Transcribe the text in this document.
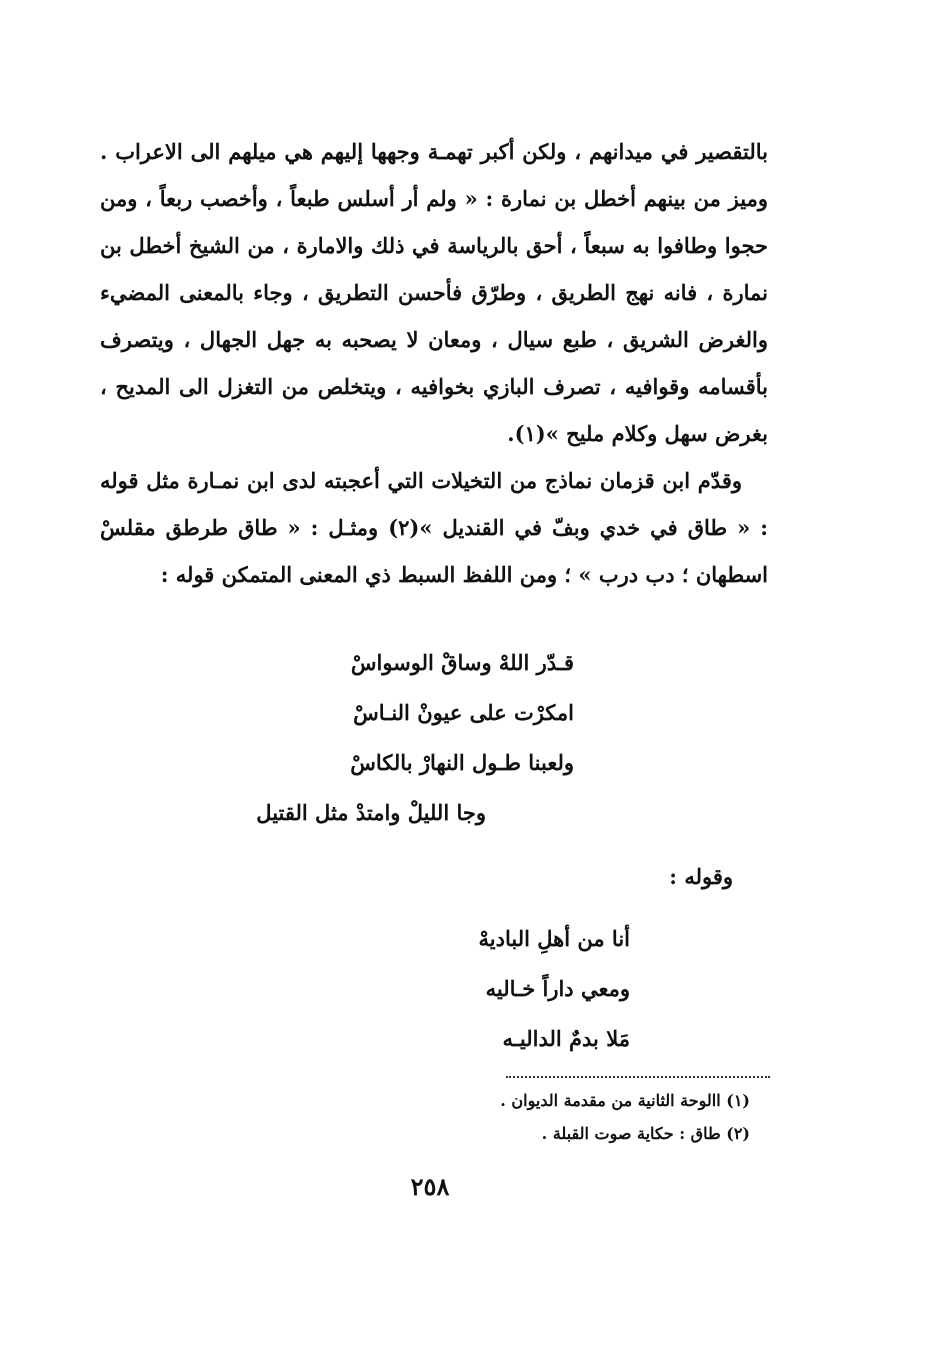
بالتقصير في ميدانهم ، ولكن أكبر تهمـة وجهها إليهم هي ميلهم الى الاعراب . وميز من بينهم أخطل بن نمارة : « ولم أر أسلس طبعاً ، وأخصب ربعاً ، ومن حجوا وطافوا به سبعاً ، أحق بالرياسة في ذلك والامارة ، من الشيخ أخطل بن نمارة ، فانه نهج الطريق ، وطرّق فأحسن التطريق ، وجاء بالمعنى المضيء والغرض الشريق ، طبع سيال ، ومعان لا يصحبه به جهل الجهال ، ويتصرف بأقسامه وقوافيه ، تصرف البازي بخوافيه ، ويتخلص من التغزل الى المديح ، بغرض سهل وكلام مليح »(١).

وقدّم ابن قزمان نماذج من التخيلات التي أعجبته لدى ابن نمـارة مثل قوله : « طاق في خدي وبفّ في القنديل »(٢) ومثـل : « طاق طرطق مقلسْ اسطهان ؛ دب درب » ؛ ومن اللفظ السبط ذي المعنى المتمكن قوله :

قـدّر اللهْ وساقْ الوسواسْ
امكرْت على عيونْ النـاسْ
ولعبنا طـول النهارْ بالكاسْ
وجا الليلْ وامتدْ مثل القتيل
وقوله :
أنا من أهلِ الباديهْ
ومعي داراً خـاليه
مَلا بدمٌ الداليـه
(١) االوحة الثانية من مقدمة الديوان .
(٢) طاق : حكاية صوت القبلة .
٢٥٨
